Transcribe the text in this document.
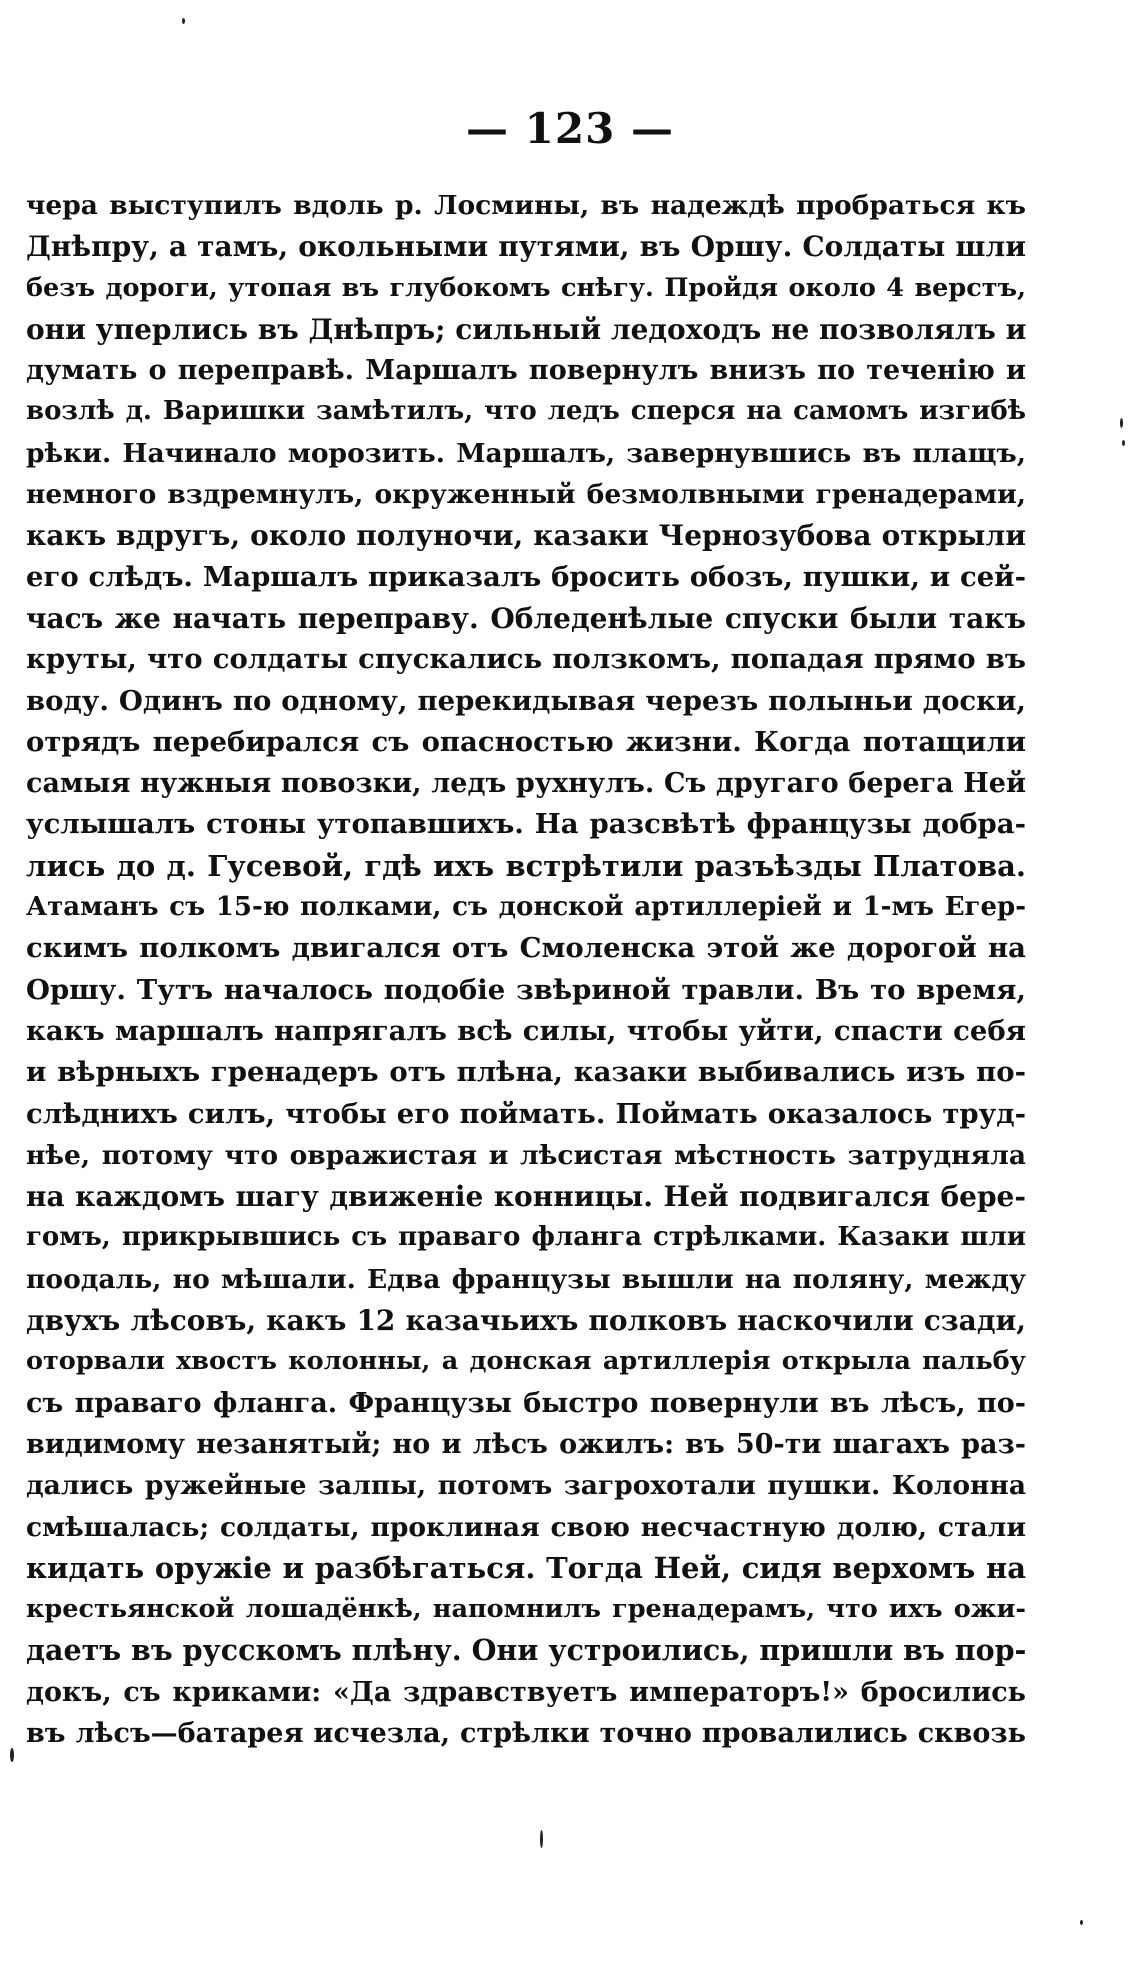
— 123 —
чера выступилъ вдоль р. Лосмины, въ надеждѣ пробраться къ
Днѣпру, а тамъ, окольными путями, въ Оршу. Солдаты шли
безъ дороги, утопая въ глубокомъ снѣгу. Пройдя около 4 верстъ,
они уперлись въ Днѣпръ; сильный ледоходъ не позволялъ и
думать о переправѣ. Маршалъ повернулъ внизъ по теченію и
возлѣ д. Варишки замѣтилъ, что ледъ сперся на самомъ изгибѣ
рѣки. Начинало морозить. Маршалъ, завернувшись въ плащъ,
немного вздремнулъ, окруженный безмолвными гренадерами,
какъ вдругъ, около полуночи, казаки Чернозубова открыли
его слѣдъ. Маршалъ приказалъ бросить обозъ, пушки, и сей-
часъ же начать переправу. Обледенѣлые спуски были такъ
круты, что солдаты спускались ползкомъ, попадая прямо въ
воду. Одинъ по одному, перекидывая черезъ полыньи доски,
отрядъ перебирался съ опасностью жизни. Когда потащили
самыя нужныя повозки, ледъ рухнулъ. Съ другаго берега Ней
услышалъ стоны утопавшихъ. На разсвѣтѣ французы добра-
лись до д. Гусевой, гдѣ ихъ встрѣтили разъѣзды Платова.
Атаманъ съ 15-ю полками, съ донской артиллеріей и 1-мъ Егер-
скимъ полкомъ двигался отъ Смоленска этой же дорогой на
Оршу. Тутъ началось подобіе звѣриной травли. Въ то время,
какъ маршалъ напрягалъ всѣ силы, чтобы уйти, спасти себя
и вѣрныхъ гренадеръ отъ плѣна, казаки выбивались изъ по-
слѣднихъ силъ, чтобы его поймать. Поймать оказалось труд-
нѣе, потому что овражистая и лѣсистая мѣстность затрудняла
на каждомъ шагу движеніе конницы. Ней подвигался бере-
гомъ, прикрывшись съ праваго фланга стрѣлками. Казаки шли
поодаль, но мѣшали. Едва французы вышли на поляну, между
двухъ лѣсовъ, какъ 12 казачьихъ полковъ наскочили сзади,
оторвали хвостъ колонны, а донская артиллерія открыла пальбу
съ праваго фланга. Французы быстро повернули въ лѣсъ, по-
видимому незанятый; но и лѣсъ ожилъ: въ 50-ти шагахъ раз-
дались ружейные залпы, потомъ загрохотали пушки. Колонна
смѣшалась; солдаты, проклиная свою несчастную долю, стали
кидать оружіе и разбѣгаться. Тогда Ней, сидя верхомъ на
крестьянской лошадёнкѣ, напомнилъ гренадерамъ, что ихъ ожи-
даетъ въ русскомъ плѣну. Они устроились, пришли въ пор-
докъ, съ криками: «Да здравствуетъ императоръ!» бросились
въ лѣсъ—батарея исчезла, стрѣлки точно провалились сквозь
